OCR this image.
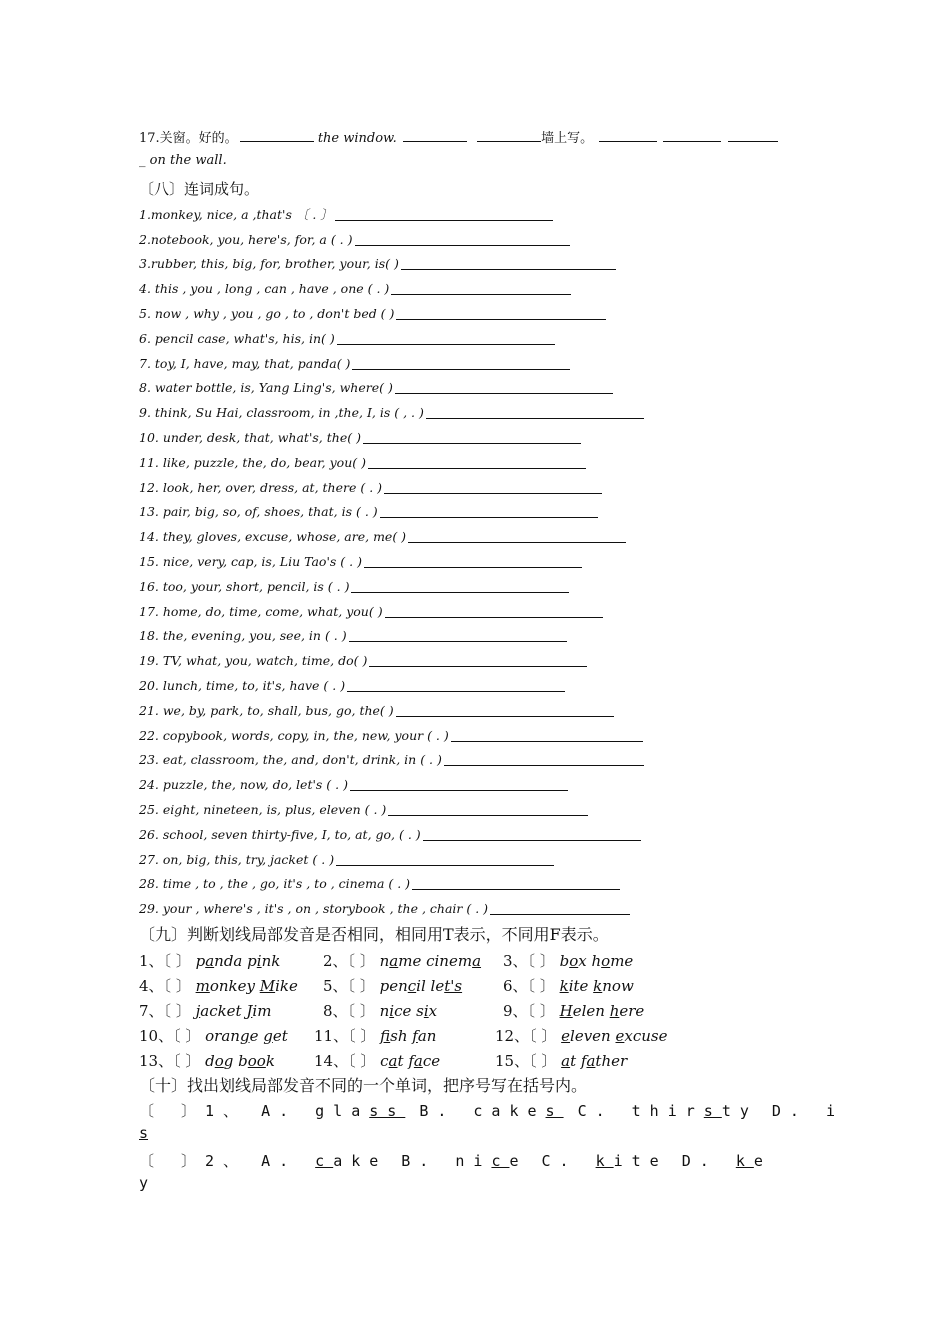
17.关窗。好的。	the window.	墙上写。
_ on the wall.
〔八〕连词成句。
1.monkey, nice, a ,that's 〔 . 〕
2.notebook, you, here's, for, a ( . )
3.rubber, this, big, for, brother, your, is( )
4. this , you , long , can , have , one ( . )
5. now , why , you , go , to , don't bed ( )
6. pencil case, what's, his, in( )
7. toy, I, have, may, that, panda( )
8. water bottle, is, Yang Ling's, where( )
9. think, Su Hai, classroom, in ,the, I, is ( , . )
10. under, desk, that, what's, the( )
11. like, puzzle, the, do, bear, you( )
12. look, her, over, dress, at, there ( . )
13. pair, big, so, of, shoes, that, is ( . )
14. they, gloves, excuse, whose, are, me( )
15. nice, very, cap, is, Liu Tao's ( . )
16. too, your, short, pencil, is ( . )
17. home, do, time, come, what, you( )
18. the, evening, you, see, in ( . )
19. TV, what, you, watch, time, do( )
20. lunch, time, to, it's, have ( . )
21. we, by, park, to, shall, bus, go, the( )
22. copybook, words, copy, in, the, new, your ( . )
23. eat, classroom, the, and, don't, drink, in ( . )
24. puzzle, the, now, do, let's ( . )
25. eight, nineteen, is, plus, eleven ( . )
26. school, seven thirty-five, I, to, at, go, ( . )
27. on, big, this, try, jacket ( . )
28. time , to , the , go, it's , to , cinema ( . )
29. your , where's , it's , on , storybook , the , chair ( . )
〔九〕判断划线局部发音是否相同，相同用T表示，不同用F表示。
1、〔 〕 panda pink	2、〔 〕 name cinema 3、〔 〕 box home
4、〔 〕 monkey Mike 5、〔 〕 pencil let's	6、〔 〕 kite know
7、〔 〕 jacket Jim	8、〔 〕 nice six	9、〔 〕 Helen here
10、〔 〕 orange get 11、〔 〕 fish fan	12、〔 〕 eleven excuse
13、〔 〕 dog book	14、〔 〕 cat face	15、〔 〕 at father
〔十〕找出划线局部发音不同的一个单词，把序号写在括号内。
〔 〕1、 A. glass B. cakes C. thirsty D. i
s
〔 〕2、 A. cake B. nice C. kite D. ke
y
